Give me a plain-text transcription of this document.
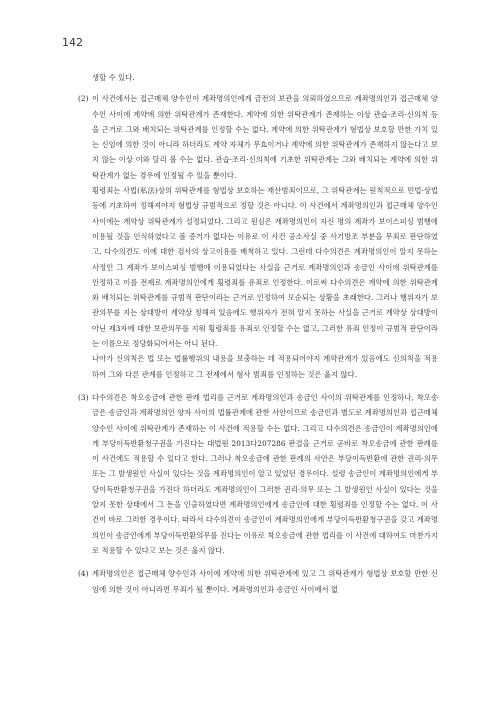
142
생할 수 있다.
(2) 이 사건에서는 접근매체 양수인이 계좌명의인에게 금전의 보관을 의뢰하였으므로 계좌명의인과 접근매체 양수인 사이에 계약에 의한 위탁관계가 존재한다. 계약에 의한 위탁관계가 존재하는 이상 관습·조리·신의칙 등을 근거로 그와 배치되는 위탁관계를 인정할 수는 없다. 계약에 의한 위탁관계가 형법상 보호할 만한 가치 있는 신임에 의한 것이 아니라 하더라도 계약 자체가 무효이거나 계약에 의한 위탁관계가 존재하지 않는다고 보지 않는 이상 이와 달리 볼 수는 없다. 관습·조리·신의칙에 기초한 위탁관계는 그와 배치되는 계약에 의한 위탁관계가 없는 경우에 인정될 수 있을 뿐이다.

횡령죄는 사법(私法)상의 위탁관계를 형법상 보호하는 재산범죄이므로, 그 위탁관계는 원칙적으로 민법·상법 등에 기초하여 정해져야지 형법상 규범적으로 정할 것은 아니다. 이 사건에서 계좌명의인과 접근매체 양수인 사이에는 계약상 위탁관계가 설정되었다. 그리고 원심은 계좌명의인이 자신 명의 계좌가 보이스피싱 범행에 이용될 것을 인식하였다고 볼 증거가 없다는 이유로 이 사건 공소사실 중 사기방조 부분을 무죄로 판단하였고, 다수의견도 이에 대한 검사의 상고이유를 배척하고 있다. 그런데 다수의견은 계좌명의인이 알지 못하는 사정인 그 계좌가 보이스피싱 범행에 이용되었다는 사실을 근거로 계좌명의인과 송금인 사이에 위탁관계를 인정하고 이를 전제로 계좌명의인에게 횡령죄를 유죄로 인정한다. 이로써 다수의견은 계약에 의한 위탁관계와 배치되는 위탁관계를 규범적 판단이라는 근거로 인정하여 모순되는 상황을 초래한다. 그러나 행위자가 보관의무를 지는 상대방이 계약상 정해져 있음에도 행위자가 전혀 알지 못하는 사실을 근거로 계약상 상대방이 아닌 제3자에 대한 보관의무를 지워 횡령죄를 유죄로 인정할 수는 없고, 그러한 유죄 인정이 규범적 판단이라는 이름으로 정당화되어서는 아니 된다.

나아가 신의칙은 법 또는 법률행위의 내용을 보충하는 데 적용되어야지 계약관계가 있음에도 신의칙을 적용하여 그와 다른 관계를 인정하고 그 전제에서 형사 범죄를 인정하는 것은 옳지 않다.

(3) 다수의견은 착오송금에 관한 판례 법리를 근거로 계좌명의인과 송금인 사이의 위탁관계를 인정하나, 착오송금은 송금인과 계좌명의인 양자 사이의 법률관계에 관한 사안이므로 송금인과 별도로 계좌명의인과 접근매체 양수인 사이에 위탁관계가 존재하는 이 사건에 적용할 수는 없다. 그리고 다수의견은 송금인이 계좌명의인에게 부당이득반환청구권을 가진다는 대법원 2013다207286 판결을 근거로 곧바로 착오송금에 관한 판례를 이 사건에도 적용할 수 있다고 한다. 그러나 착오송금에 관한 판례의 사안은 부당이득반환에 관한 권리·의무 또는 그 발생원인 사실이 있다는 것을 계좌명의인이 알고 있었던 경우이다. 설령 송금인이 계좌명의인에게 부당이득반환청구권을 가진다 하더라도 계좌명의인이 그러한 권리·의무 또는 그 발생원인 사실이 있다는 것을 알지 못한 상태에서 그 돈을 인출하였다면 계좌명의인에게 송금인에 대한 횡령죄를 인정할 수는 없다. 이 사건이 바로 그러한 경우이다. 따라서 다수의견이 송금인이 계좌명의인에게 부당이득반환청구권을 갖고 계좌명의인이 송금인에게 부당이득반환의무를 진다는 이유로 착오송금에 관한 법리를 이 사건에 대하여도 마찬가지로 적용할 수 있다고 보는 것은 옳지 않다.

(4) 계좌명의인은 접근매체 양수인과 사이에 계약에 의한 위탁관계에 있고 그 위탁관계가 형법상 보호할 만한 신임에 의한 것이 아니라면 무죄가 될 뿐이다. 계좌명의인과 송금인 사이에서 없
